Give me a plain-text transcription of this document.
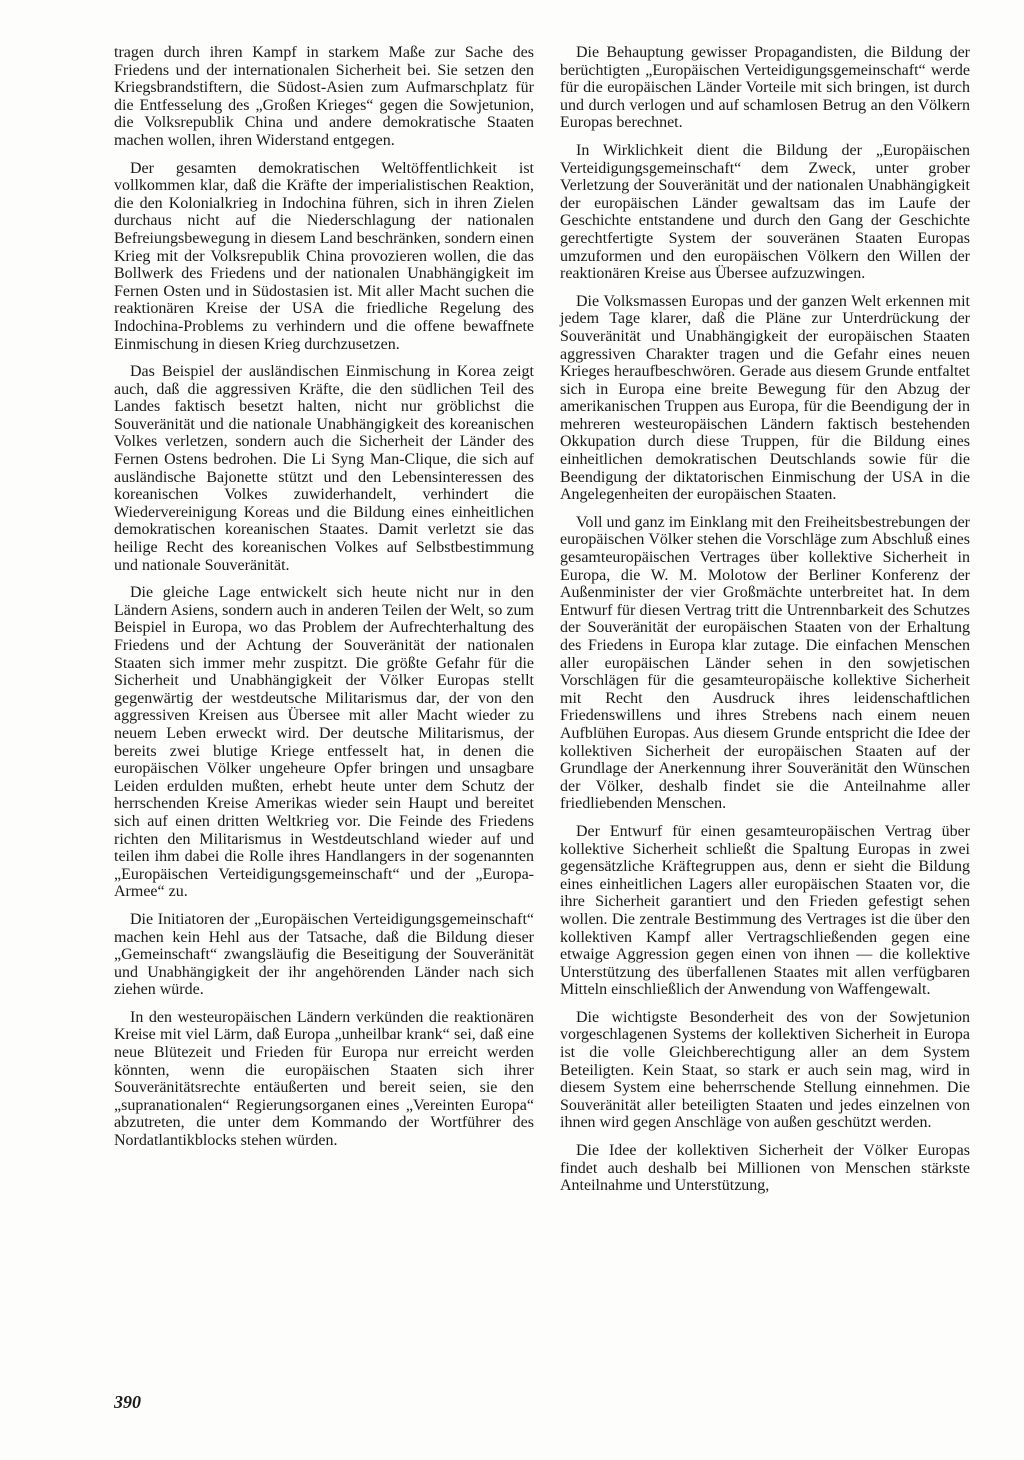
tragen durch ihren Kampf in starkem Maße zur Sache des Friedens und der internationalen Sicherheit bei. Sie setzen den Kriegsbrandstiftern, die Südost-Asien zum Aufmarschplatz für die Entfesselung des „Großen Krieges“ gegen die Sowjetunion, die Volksrepublik China und andere demokratische Staaten machen wollen, ihren Widerstand entgegen.

Der gesamten demokratischen Weltöffentlichkeit ist vollkommen klar, daß die Kräfte der imperialistischen Reaktion, die den Kolonialkrieg in Indochina führen, sich in ihren Zielen durchaus nicht auf die Niederschlagung der nationalen Befreiungsbewegung in diesem Land beschränken, sondern einen Krieg mit der Volksrepublik China provozieren wollen, die das Bollwerk des Friedens und der nationalen Unabhängigkeit im Fernen Osten und in Südostasien ist. Mit aller Macht suchen die reaktionären Kreise der USA die friedliche Regelung des Indochina-Problems zu verhindern und die offene bewaffnete Einmischung in diesen Krieg durchzusetzen.

Das Beispiel der ausländischen Einmischung in Korea zeigt auch, daß die aggressiven Kräfte, die den südlichen Teil des Landes faktisch besetzt halten, nicht nur gröblichst die Souveränität und die nationale Unabhängigkeit des koreanischen Volkes verletzen, sondern auch die Sicherheit der Länder des Fernen Ostens bedrohen. Die Li Syng Man-Clique, die sich auf ausländische Bajonette stützt und den Lebensinteressen des koreanischen Volkes zuwiderhandelt, verhindert die Wiedervereinigung Koreas und die Bildung eines einheitlichen demokratischen koreanischen Staates. Damit verletzt sie das heilige Recht des koreanischen Volkes auf Selbstbestimmung und nationale Souveränität.

Die gleiche Lage entwickelt sich heute nicht nur in den Ländern Asiens, sondern auch in anderen Teilen der Welt, so zum Beispiel in Europa, wo das Problem der Aufrechterhaltung des Friedens und der Achtung der Souveränität der nationalen Staaten sich immer mehr zuspitzt. Die größte Gefahr für die Sicherheit und Unabhängigkeit der Völker Europas stellt gegenwärtig der westdeutsche Militarismus dar, der von den aggressiven Kreisen aus Übersee mit aller Macht wieder zu neuem Leben erweckt wird. Der deutsche Militarismus, der bereits zwei blutige Kriege entfesselt hat, in denen die europäischen Völker ungeheure Opfer bringen und unsagbare Leiden erdulden mußten, erhebt heute unter dem Schutz der herrschenden Kreise Amerikas wieder sein Haupt und bereitet sich auf einen dritten Weltkrieg vor. Die Feinde des Friedens richten den Militarismus in Westdeutschland wieder auf und teilen ihm dabei die Rolle ihres Handlangers in der sogenannten „Europäischen Verteidigungsgemeinschaft“ und der „Europa-Armee“ zu.

Die Initiatoren der „Europäischen Verteidigungsgemeinschaft“ machen kein Hehl aus der Tatsache, daß die Bildung dieser „Gemeinschaft“ zwangsläufig die Beseitigung der Souveränität und Unabhängigkeit der ihr angehörenden Länder nach sich ziehen würde.

In den westeuropäischen Ländern verkünden die reaktionären Kreise mit viel Lärm, daß Europa „unheilbar krank“ sei, daß eine neue Blütezeit und Frieden für Europa nur erreicht werden könnten, wenn die europäischen Staaten sich ihrer Souveränitätsrechte entäußerten und bereit seien, sie den „supranationalen“ Regierungsorganen eines „Vereinten Europa“ abzutreten, die unter dem Kommando der Wortführer des Nordatlantikblocks stehen würden.

Die Behauptung gewisser Propagandisten, die Bildung der berüchtigten „Europäischen Verteidigungsgemeinschaft“ werde für die europäischen Länder Vorteile mit sich bringen, ist durch und durch verlogen und auf schamlosen Betrug an den Völkern Europas berechnet.

In Wirklichkeit dient die Bildung der „Europäischen Verteidigungsgemeinschaft“ dem Zweck, unter grober Verletzung der Souveränität und der nationalen Unabhängigkeit der europäischen Länder gewaltsam das im Laufe der Geschichte entstandene und durch den Gang der Geschichte gerechtfertigte System der souveränen Staaten Europas umzuformen und den europäischen Völkern den Willen der reaktionären Kreise aus Übersee aufzuzwingen.

Die Volksmassen Europas und der ganzen Welt erkennen mit jedem Tage klarer, daß die Pläne zur Unterdrückung der Souveränität und Unabhängigkeit der europäischen Staaten aggressiven Charakter tragen und die Gefahr eines neuen Krieges heraufbeschwören. Gerade aus diesem Grunde entfaltet sich in Europa eine breite Bewegung für den Abzug der amerikanischen Truppen aus Europa, für die Beendigung der in mehreren westeuropäischen Ländern faktisch bestehenden Okkupation durch diese Truppen, für die Bildung eines einheitlichen demokratischen Deutschlands sowie für die Beendigung der diktatorischen Einmischung der USA in die Angelegenheiten der europäischen Staaten.

Voll und ganz im Einklang mit den Freiheitsbestrebungen der europäischen Völker stehen die Vorschläge zum Abschluß eines gesamteuropäischen Vertrages über kollektive Sicherheit in Europa, die W. M. Molotow der Berliner Konferenz der Außenminister der vier Großmächte unterbreitet hat. In dem Entwurf für diesen Vertrag tritt die Untrennbarkeit des Schutzes der Souveränität der europäischen Staaten von der Erhaltung des Friedens in Europa klar zutage. Die einfachen Menschen aller europäischen Länder sehen in den sowjetischen Vorschlägen für die gesamteuropäische kollektive Sicherheit mit Recht den Ausdruck ihres leidenschaftlichen Friedenswillens und ihres Strebens nach einem neuen Aufblühen Europas. Aus diesem Grunde entspricht die Idee der kollektiven Sicherheit der europäischen Staaten auf der Grundlage der Anerkennung ihrer Souveränität den Wünschen der Völker, deshalb findet sie die Anteilnahme aller friedliebenden Menschen.

Der Entwurf für einen gesamteuropäischen Vertrag über kollektive Sicherheit schließt die Spaltung Europas in zwei gegensätzliche Kräftegruppen aus, denn er sieht die Bildung eines einheitlichen Lagers aller europäischen Staaten vor, die ihre Sicherheit garantiert und den Frieden gefestigt sehen wollen. Die zentrale Bestimmung des Vertrages ist die über den kollektiven Kampf aller Vertragschließenden gegen eine etwaige Aggression gegen einen von ihnen — die kollektive Unterstützung des überfallenen Staates mit allen verfügbaren Mitteln einschließlich der Anwendung von Waffengewalt.

Die wichtigste Besonderheit des von der Sowjetunion vorgeschlagenen Systems der kollektiven Sicherheit in Europa ist die volle Gleichberechtigung aller an dem System Beteiligten. Kein Staat, so stark er auch sein mag, wird in diesem System eine beherrschende Stellung einnehmen. Die Souveränität aller beteiligten Staaten und jedes einzelnen von ihnen wird gegen Anschläge von außen geschützt werden.

Die Idee der kollektiven Sicherheit der Völker Europas findet auch deshalb bei Millionen von Menschen stärkste Anteilnahme und Unterstützung,

390
